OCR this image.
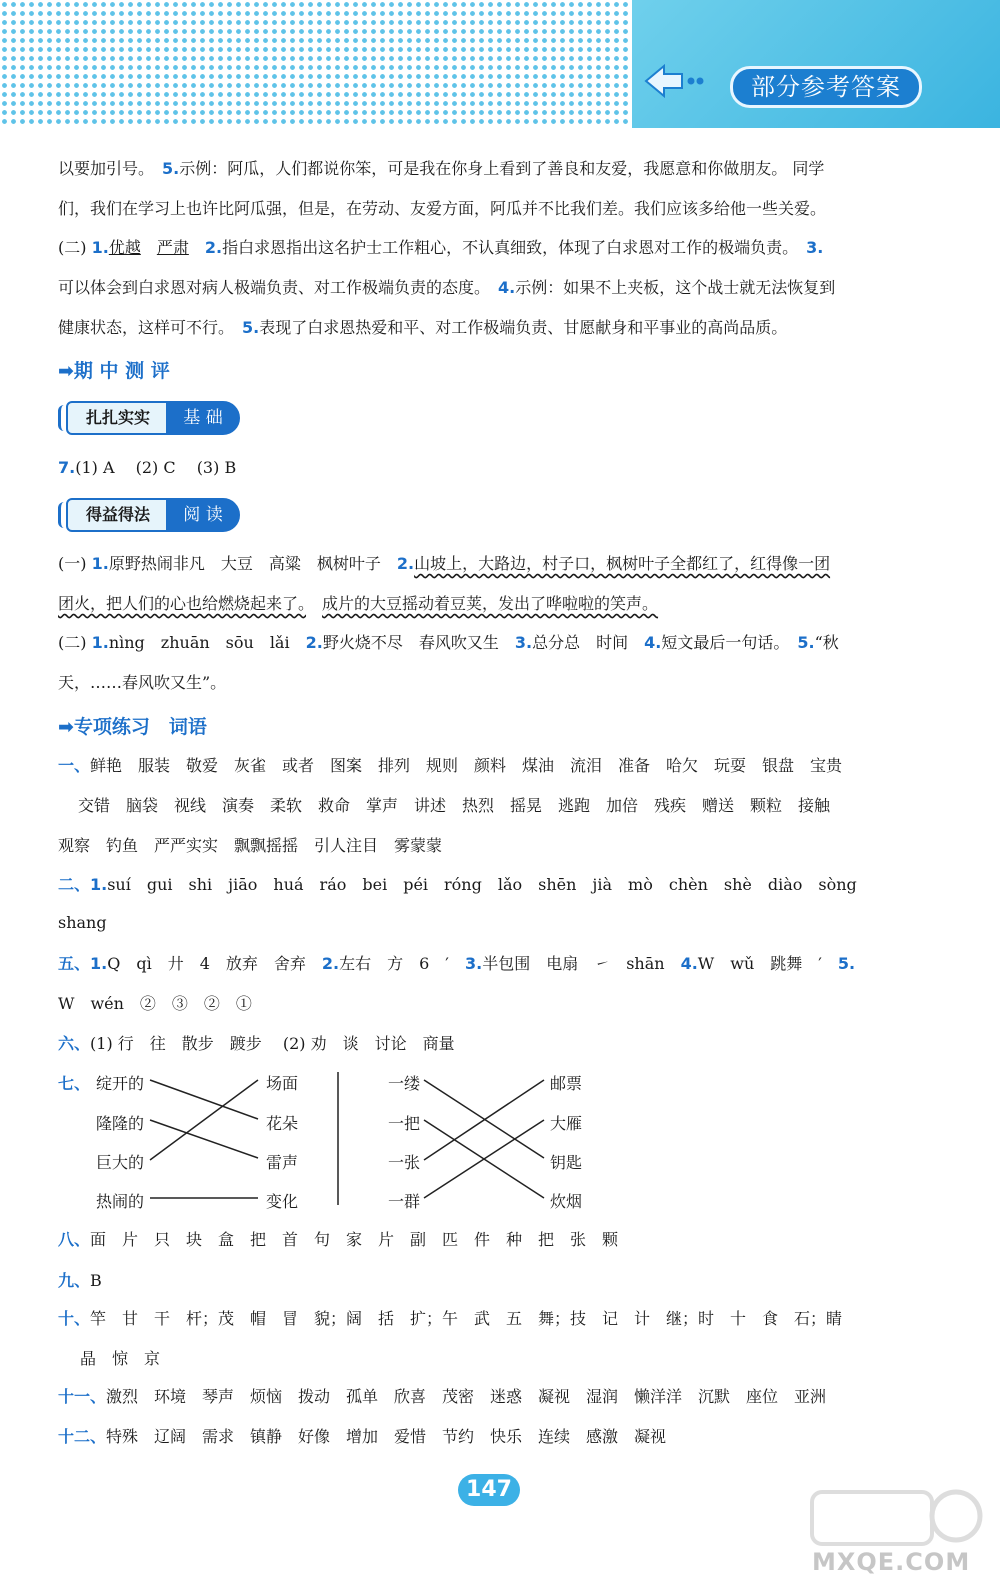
部分参考答案
以要加引号。　 5.示例：阿瓜，人们都说你笨，可是我在你身上看到了善良和友爱，我愿意和你做朋友。 同学
们，我们在学习上也许比阿瓜强，但是，在劳动、友爱方面，阿瓜并不比我们差。我们应该多给他一些关爱。
(二) 1.优越　 严肃　 2.指白求恩指出这名护士工作粗心，不认真细致，体现了白求恩对工作的极端负责。　 3.
可以体会到白求恩对病人极端负责、对工作极端负责的态度。　 4.示例：如果不上夹板，这个战士就无法恢复到
健康状态，这样可不行。　 5.表现了白求恩热爱和平、对工作极端负责、甘愿献身和平事业的高尚品质。
➡期 中 测 评
扎扎实实	基 础
7.(1) A　 (2) C　 (3) B
得益得法	阅 读
(一) 1.原野热闹非凡　大豆　高粱　枫树叶子　 2.山坡上，大路边，村子口，枫树叶子全都红了，红得像一团
团火，把人们的心也给燃烧起来了。　 成片的大豆摇动着豆荚，发出了哗啦啦的笑声。
(二) 1.nìng　zhuān　sōu　lǎi　 2.野火烧不尽　春风吹又生　 3.总分总　时间　 4.短文最后一句话。　 5.“秋
天，……春风吹又生”。
➡专项练习　词语
一、鲜艳　服装　敬爱　灰雀　或者　图案　排列　规则　颜料　煤油　流泪　准备　哈欠　玩耍　银盘　宝贵
交错　脑袋　视线　演奏　柔软　救命　掌声　讲述　热烈　摇晃　逃跑　加倍　残疾　赠送　颗粒　接触
观察　钓鱼　严严实实　飘飘摇摇　引人注目　雾蒙蒙
二、1.suí　gui　shi　jiāo　huá　ráo　bei　péi　róng　lǎo　shēn　jià　mò　chèn　shè　diào　sòng
shang
五、1.Q　qì　廾　4　放弃　舍弃　 2.左右　方　6　′　 3.半包围　电扇　㇀　shān　 4.W　wǔ　跳舞　′　 5.
W　wén　②　③　②　①
六、(1) 行　往　散步　踱步　 (2) 劝　谈　讨论　商量
七、 绽开的
隆隆的
巨大的
热闹的
场面
花朵
雷声
变化
一缕
一把
一张
一群
邮票
大雁
钥匙
炊烟
八、面　片　只　块　盒　把　首　句　家　片　副　匹　件　种　把　张　颗
九、B
十、竿　甘　干　杆；茂　帽　冒　貌；阔　括　扩；午　武　五　舞；技　记　计　继；时　十　食　石；睛
晶　惊　京
十一、激烈　环境　琴声　烦恼　拨动　孤单　欣喜　茂密　迷惑　凝视　湿润　懒洋洋　沉默　座位　亚洲
十二、特殊　辽阔　需求　镇静　好像　增加　爱惜　节约　快乐　连续　感激　凝视
147
MXQE.COM
